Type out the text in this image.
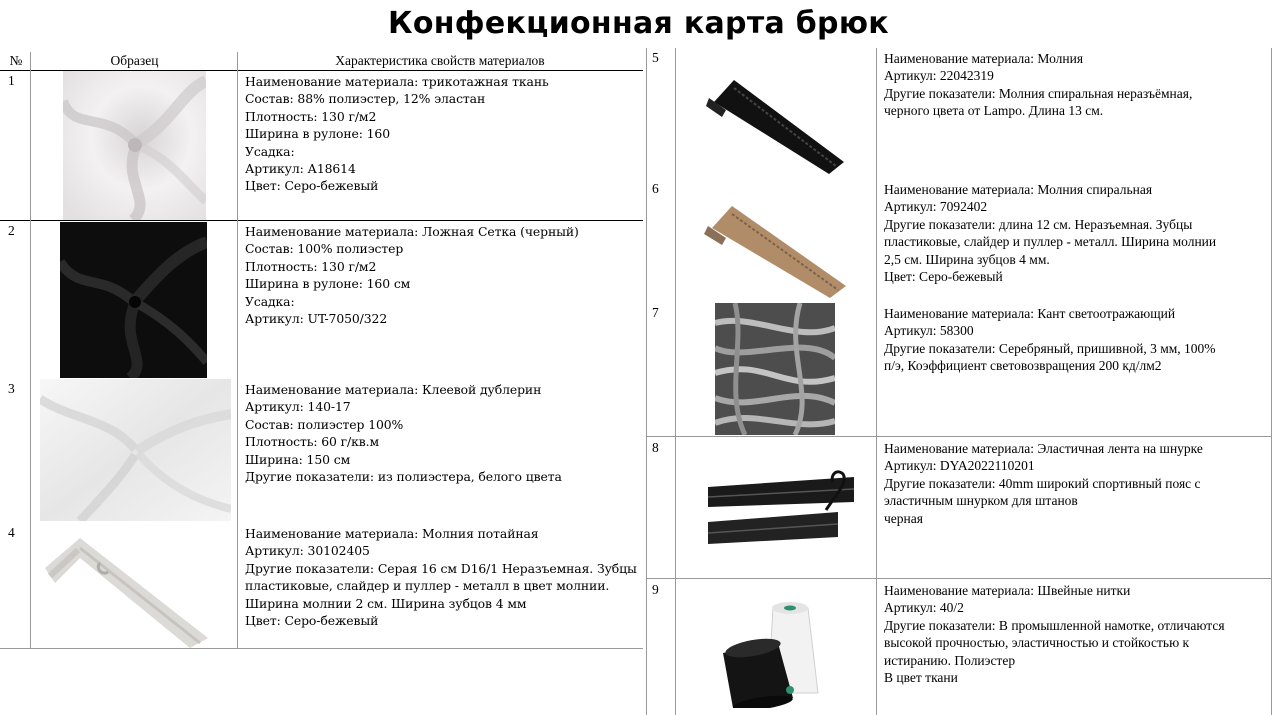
Конфекционная карта брюк
№	Образец	Характеристика свойств материалов
1	Наименование материала: трикотажная ткань
Состав: 88% полиэстер, 12% эластан
Плотность: 130 г/м2
Ширина в рулоне: 160
Усадка:
Артикул: А18614
Цвет: Серо-бежевый
2	Наименование материала: Ложная Сетка (черный)
Состав: 100% полиэстер
Плотность: 130 г/м2
Ширина в рулоне: 160 см
Усадка:
Артикул: UT-7050/322
3	Наименование материала: Клеевой дублерин
Артикул: 140-17
Состав: полиэстер 100%
Плотность: 60 г/кв.м
Ширина: 150 см
Другие показатели: из полиэстера, белого цвета
4	Наименование материала: Молния потайная
Артикул: 30102405
Другие показатели: Серая 16 см D16/1 Неразъемная. Зубцы
пластиковые, слайдер и пуллер - металл в цвет молнии.
Ширина молнии 2 см. Ширина зубцов 4 мм
Цвет: Серо-бежевый
5	Наименование материала: Молния
Артикул: 22042319
Другие показатели: Молния спиральная неразъёмная,
черного цвета от Lampo. Длина 13 см.
6	Наименование материала: Молния спиральная
Артикул: 7092402
Другие показатели: длина 12 см. Неразъемная. Зубцы
пластиковые, слайдер и пуллер - металл. Ширина молнии
2,5 см. Ширина зубцов 4 мм.
Цвет: Серо-бежевый
7	Наименование материала: Кант светоотражающий
Артикул: 58300
Другие показатели: Серебряный, пришивной, 3 мм, 100%
п/э, Коэффициент световозвращения 200 кд/лм2
8	Наименование материала: Эластичная лента на шнурке
Артикул: DYA2022110201
Другие показатели: 40mm широкий спортивный пояс с
эластичным шнурком для штанов
черная
9	Наименование материала: Швейные нитки
Артикул: 40/2
Другие показатели: В промышленной намотке, отличаются
высокой прочностью, эластичностью и стойкостью к
истиранию. Полиэстер
В цвет ткани
